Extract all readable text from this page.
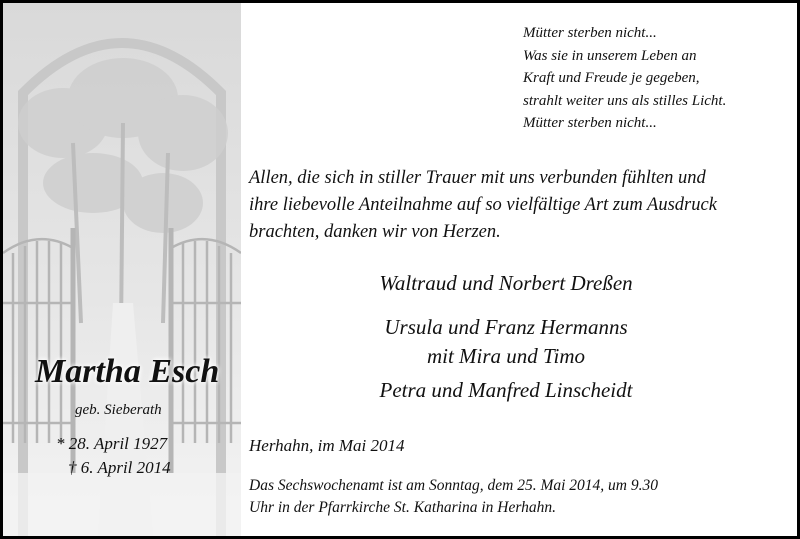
Mütter sterben nicht...
Was sie in unserem Leben an
Kraft und Freude je gegeben,
strahlt weiter uns als stilles Licht.
Mütter sterben nicht...
Allen, die sich in stiller Trauer mit uns verbunden fühlten und
ihre liebevolle Anteilnahme auf so vielfältige Art zum Ausdruck
brachten, danken wir von Herzen.
Waltraud und Norbert Dreßen
Ursula und Franz Hermanns
mit Mira und Timo
Petra und Manfred Linscheidt
Herhahn, im Mai 2014
Das Sechswochenamt ist am Sonntag, dem 25. Mai 2014, um 9.30
Uhr in der Pfarrkirche St. Katharina in Herhahn.
Martha Esch
geb. Sieberath
* 28. April 1927
† 6. April 2014
